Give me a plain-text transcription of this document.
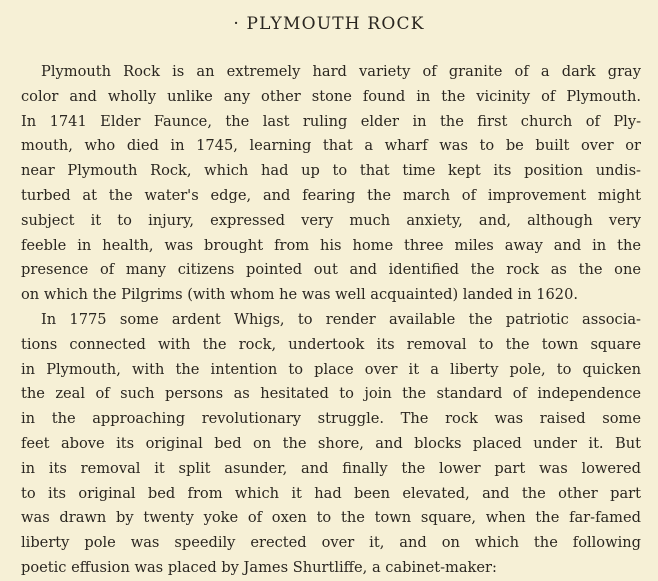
· PLYMOUTH ROCK
Plymouth Rock is an extremely hard variety of granite of a dark gray
color and wholly unlike any other stone found in the vicinity of Plymouth.
In 1741 Elder Faunce, the last ruling elder in the first church of Ply-
mouth, who died in 1745, learning that a wharf was to be built over or
near Plymouth Rock, which had up to that time kept its position undis-
turbed at the water's edge, and fearing the march of improvement might
subject it to injury, expressed very much anxiety, and, although very
feeble in health, was brought from his home three miles away and in the
presence of many citizens pointed out and identified the rock as the one
on which the Pilgrims (with whom he was well acquainted) landed in 1620.
In 1775 some ardent Whigs, to render available the patriotic associa-
tions connected with the rock, undertook its removal to the town square
in Plymouth, with the intention to place over it a liberty pole, to quicken
the zeal of such persons as hesitated to join the standard of independence
in the approaching revolutionary struggle. The rock was raised some
feet above its original bed on the shore, and blocks placed under it. But
in its removal it split asunder, and finally the lower part was lowered
to its original bed from which it had been elevated, and the other part
was drawn by twenty yoke of oxen to the town square, when the far-famed
liberty pole was speedily erected over it, and on which the following
poetic effusion was placed by James Shurtliffe, a cabinet-maker:
